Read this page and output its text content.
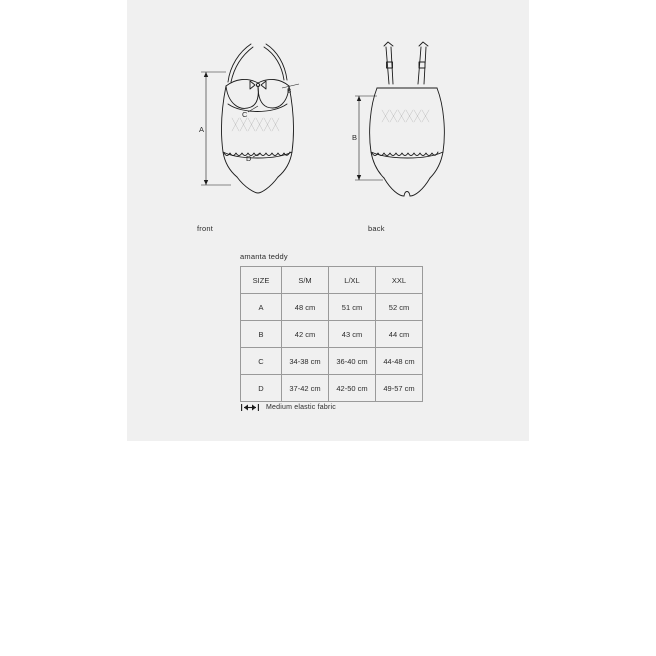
A
B
C
D
B
front	back
amanta teddy
SIZE	S/M	L/XL	XXL
A	48 cm	51 cm	52 cm
B	42 cm	43 cm	44 cm
C	34-38 cm	36-40 cm	44-48 cm
D	37-42 cm	42-50 cm	49-57 cm
Medium elastic fabric
